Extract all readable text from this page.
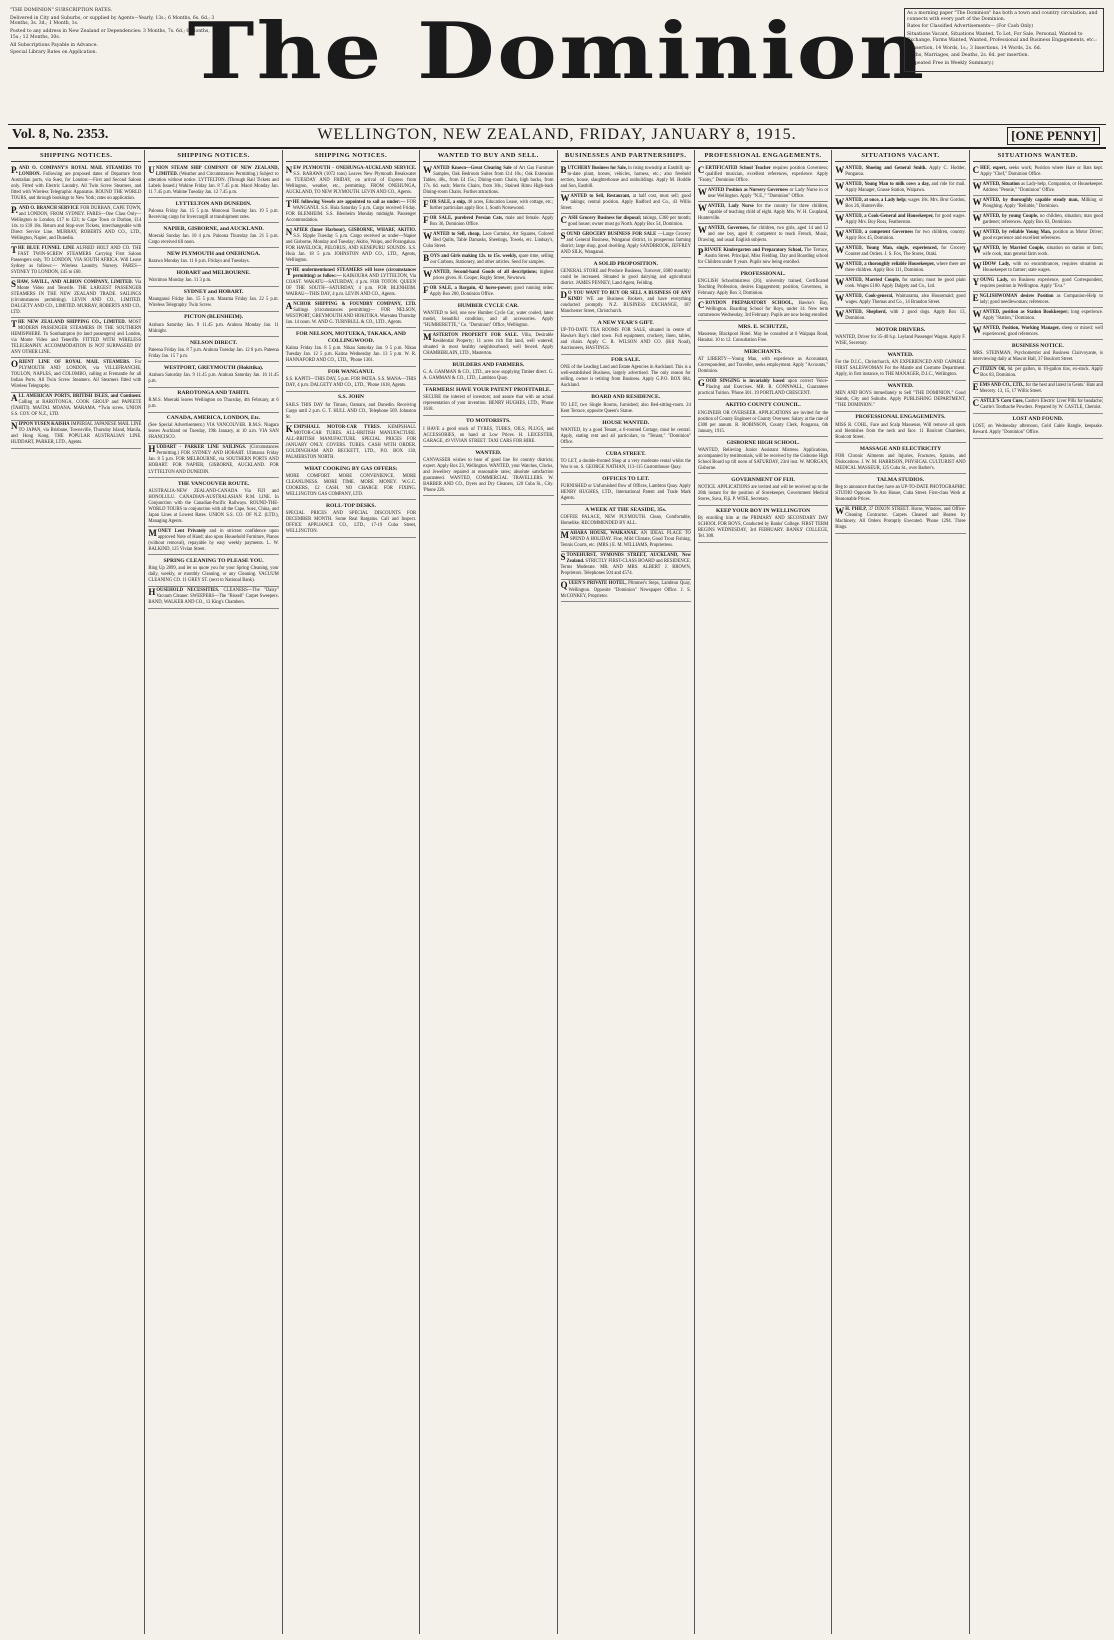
"THE DOMINION" SUBSCRIPTION RATES.

Delivered in City and Suburbs, or supplied by Agents—Yearly, 13s.; 6 Months, 6s. 6d.; 3 Months, 3s. 3d.; 1 Month, 1s.

Posted to any address in New Zealand or Dependencies: 3 Months, 7s. 6d.; 6 Months, 15s.; 12 Months, 30s.

All Subscriptions Payable in Advance.

Special Library Rates on Application.	The Dominion

As a morning paper "The Dominion" has both a town and country circulation, and connects with every part of the Dominion.

Rates for Classified Advertisements— (For Cash Only)

Situations Vacant, Situations Wanted, To Let, For Sale, Personal, Wanted to Exchange, Farms Wanted, Wanted, Professional and Business Engagements, etc.:

1 Insertion, 14 Words, 1s.; 3 Insertions, 14 Words, 2s. 6d.

Births, Marriages, and Deaths, 2s. 6d. per insertion.

(Repeated Free in Weekly Summary.)

Vol. 8, No. 2353.	WELLINGTON, NEW ZEALAND, FRIDAY, JANUARY 8, 1915.	[ONE PENNY]
SHIPPING NOTICES.
P. AND O. COMPANY'S ROYAL MAIL STEAMERS TO LONDON. Following are proposed dates of Departure from Australian ports, via Suez, for London:—First and Second Saloon only. Fitted with Electric Laundry. All Twin Screw Steamers, and fitted with Wireless Telegraphic Apparatus. ROUND THE WORLD TOURS, and through bookings to New York; rates on application.
P. AND O. BRANCH SERVICE FOR DURBAN, CAPE TOWN, and LONDON, FROM SYDNEY. FARES—One Class Only—Wellington to London, £17 to £23; to Cape Town or Durban, £14 14s. to £18 18s. Return and Stop-over Tickets, interchangeable with Direct Service Line. MURRAY, ROBERTS AND CO., LTD., Wellington, Napier, and Dunedin.
THE BLUE FUNNEL LINE ALFRED HOLT AND CO. THE FAST TWIN-SCREW STEAMERS Carrying First Saloon Passengers only, TO LONDON, VIA SOUTH AFRICA. Will Leave Sydney as follows:— Wireless Laundry. Nursery. FARES—SYDNEY TO LONDON, £45 to £60.
SHAW, SAVILL, AND ALBION COMPANY, LIMITED. Via Monte Video and Tenerife. THE LARGEST PASSENGER STEAMERS IN THE NEW ZEALAND TRADE. SAILINGS (circumstances permitting). LEVIN AND CO., LIMITED. DALGETY AND CO., LIMITED. MURRAY, ROBERTS AND CO., LTD.
THE NEW ZEALAND SHIPPING CO., LIMITED. MOST MODERN PASSENGER STEAMERS IN THE SOUTHERN HEMISPHERE. To Southampton (to land passengers) and London, via Monte Video and Teneriffe. FITTED WITH WIRELESS TELEGRAPHY. ACCOMMODATION IS NOT SURPASSED BY ANY OTHER LINE.
ORIENT LINE OF ROYAL MAIL STEAMERS. For PLYMOUTH AND LONDON, via VILLEFRANCHE, TOULON, NAPLES, and COLOMBO, calling at Fremantle for all Indian Ports. All Twin Screw Steamers. All Steamers fitted with Wireless Telegraphy.
ALL AMERICAN PORTS, BRITISH ISLES, and Continent. Calling at RAROTONGA, COOK GROUP and PAPEETE (TAHITI). MAITAI. MOANA. MARAMA. *Twin screw. UNION S.S. COY. OF N.Z., LTD.
NIPPON YUSEN KAISHA IMPERIAL JAPANESE MAIL LINE TO JAPAN, via Brisbane, Townsville, Thursday Island, Manila, and Hong Kong. THE POPULAR AUSTRALIAN LINE. HUDDART, PARKER, LTD., Agents.
SHIPPING NOTICES.
UNION STEAM SHIP COMPANY OF NEW ZEALAND, LIMITED. (Weather and Circumstances Permitting.) Subject to alteration without notice. LYTTELTON. (Through Rail Tickets and Labels Issued.) Wahine Friday Jan. 8 7.45 p.m. Maori Monday Jan. 11 7.45 p.m. Wahine Tuesday Jan. 12 7.45 p.m.
LYTTELTON AND DUNEDIN.
Paloona Friday Jan. 15 5 p.m. Monowai Tuesday Jan. 19 5 p.m. Receiving cargo for Invercargill at transhipment rates.
NAPIER, GISBORNE, and AUCKLAND.
Moeraki Sunday Jan. 10 4 p.m. Paloona Thursday Jan. 21 5 p.m. Cargo received till noon.
NEW PLYMOUTH and ONEHUNGA.
Rarawa Monday Jan. 11 6 p.m. Fridays and Tuesdays.
HOBART and MELBOURNE.
Warrimoo Monday Jan. 11 3 p.m.
SYDNEY and HOBART.
Maunganui Friday Jan. 15 5 p.m. Marama Friday Jan. 22 5 p.m. Wireless Telegraphy. Twin Screw.
PICTON (BLENHEIM).
Arahura Saturday Jan. 9 11.45 p.m. Arahura Monday Jan. 11 Midnight.
NELSON DIRECT.
Pateena Friday Jan. 8 7 p.m. Arahura Tuesday Jan. 12 8 p.m. Pateena Friday Jan. 15 7 p.m.
WESTPORT, GREYMOUTH (Hokitika).
Arahura Saturday Jan. 9 11.45 p.m. Arahura Saturday Jan. 16 11.45 p.m.
RAROTONGA AND TAHITI.
R.M.S. Moeraki leaves Wellington on Thursday, 4th February, at 6 p.m.
CANADA, AMERICA, LONDON, Etc.
(See Special Advertisement.) VIA VANCOUVER. R.M.S. Niagara leaves Auckland on Tuesday, 19th January, at 10 a.m. VIA SAN FRANCISCO.
HUDDART - PARKER LINE SAILINGS. (Circumstances Permitting.) FOR SYDNEY AND HOBART. Ulimaroa Friday Jan. 8 5 p.m. FOR MELBOURNE, via SOUTHERN PORTS AND HOBART. FOR NAPIER, GISBORNE, AUCKLAND. FOR LYTTELTON AND DUNEDIN.
THE VANCOUVER ROUTE.
AUSTRALIA-NEW ZEALAND-CANADA Via FIJI and HONOLULU. CANADIAN-AUSTRALASIAN R.M. LINE. In Conjunction with the Canadian-Pacific Railways. ROUND-THE-WORLD TOURS in conjunction with all the Cape, Suez, China, and Japan Lines at Lowest Rates. UNION S.S. CO. OF N.Z. (LTD.), Managing Agents.
MONEY Lent Privately and in strictest confidence upon approved Note of Hand; also upon Household Furniture, Pianos (without removal), repayable by easy weekly payments. L. W. BALKIND, 125 Vivian Street.
SPRING CLEANING TO PLEASE YOU.
Ring Up 2899, and let us quote you for your Spring Cleaning, your daily, weekly, or monthly Cleaning, or any Cleaning. VACUUM CLEANING CO. 11 GREY ST. (next to National Bank).
HOUSEHOLD NECESSITIES. CLEANERS—The "Daisy" Vacuum Cleaner. SWEEPERS—The "Bissell" Carpet Sweepers. BAND, WALKER AND CO., 13 King's Chambers.
SHIPPING NOTICES.
NEW PLYMOUTH - ONEHUNGA-AUCKLAND SERVICE. S.S. RARAWA (1072 tons) Leaves New Plymouth Breakwater on TUESDAY AND FRIDAY, on arrival of Express from Wellington, weather, etc., permitting. FROM ONEHUNGA, AUCKLAND, TO NEW PLYMOUTH. LEVIN AND CO., Agents.
THE following Vessels are appointed to sail as under:— FOR WANGANUI. S.S. Huia Saturday 5 p.m. Cargo received Friday. FOR BLENHEIM. S.S. Blenheim Monday midnight. Passenger Accommodation.
NAPIER (Inner Harbour), GISBORNE, WHARF, AKITIO. S.S. Ripple Tuesday 5 p.m. Cargo received as under—Napier and Gisborne, Monday and Tuesday; Akitio, Waipu, and Porangahau. FOR HAVELOCK, PELORUS, AND KENEPURU SOUNDS. S.S. Huia Jan. 18 5 p.m. JOHNSTON AND CO., LTD., Agents, Wellington.
THE undermentioned STEAMERS will leave (circumstances permitting) as follow:— KAIKOURA AND LYTTELTON, Via COAST. WAKATU—SATURDAY, 4 p.m. FOR TOTON. QUEEN OF THE SOUTH—SATURDAY, 4 p.m. FOR BLENHEIM. WAIRAU—THIS DAY, 4 p.m. LEVIN AND CO., Agents.
ANCHOR SHIPPING & FOUNDRY COMPANY, LTD. Sailings (circumstances permitting)— FOR NELSON, WESTPORT, GREYMOUTH AND HOKITIKA. Wareatea Thursday Jan. 14 noon. W. AND G. TURNBULL & CO., LTD., Agents.
FOR NELSON, MOTUEKA, TAKAKA, AND COLLINGWOOD.
Kaitoa Friday Jan. 8 5 p.m. Nikau Saturday Jan. 9 5 p.m. Nikau Tuesday Jan. 12 5 p.m. Kaitoa Wednesday Jan. 13 5 p.m. W. R. HANNAFORD AND CO., LTD., 'Phone 1361.
FOR WANGANUI.
S.S. KAPITI—THIS DAY, 5 p.m. FOR PATEA. S.S. MANA—THIS DAY, 4 p.m. DALGETY AND CO., LTD., 'Phone 1618, Agents.
S.S. JOHN
SAILS THIS DAY for Timaru, Oamaru, and Dunedin. Receiving Cargo until 2 p.m. G. T. HULL AND CO., Telephone 569. Johnston St.
KEMPSHALL MOTOR-CAR TYRES. KEMPSHALL MOTOR-CAR TUBES. ALL-BRITISH MANUFACTURE. ALL-BRITISH MANUFACTURE. SPECIAL PRICES FOR JANUARY ONLY. COVERS. TUBES. CASH WITH ORDER. GOLDINGHAM AND BECKETT, LTD., P.O. BOX 130, PALMERSTON NORTH.
WHAT COOKING BY GAS OFFERS:
MORE COMFORT. MORE CONVENIENCE. MORE CLEANLINESS. MORE TIME. MORE MONEY. W.G.C. COOKERS, £2 CASH. NO CHARGE FOR FIXING. WELLINGTON GAS COMPANY, LTD.
ROLL-TOP DESKS.
SPECIAL PRICES AND SPECIAL DISCOUNTS FOR DECEMBER MONTH. Some Real Bargains. Call and Inspect. OFFICE APPLIANCE CO., LTD., 17-19 Cuba Street, WELLINGTON.
WANTED TO BUY AND SELL.
WANTED Known—Great Clearing Sale of Art Gas Furniture Samples, Oak Bedroom Suites from £14 10s.; Oak Extension Tables, 40s., from £4 15s.; Dining-room Chairs, high backs, from 17s. 6d. each; Morris Chairs, from 30s.; Stained Rimu High-back Dining-room Chairs. Further attractions.
FOR SALE, a snip, 40 acres, Education Lease, with cottage, etc.; further particulars apply Box 1, South Norsewood.
FOR SALE, purebred Persian Cats, male and female. Apply Box 36, Dominion Office.
WANTED to Sell, cheap, Lace Curtains, Art Squares, Colored Bed Quilts, Table Damasks, Sheetings, Towels, etc. Lindsay's, Cuba Street.
BOYS and Girls making 12s. to 15s. weekly, spare time, selling our Carbons, Stationery, and other articles. Send for samples.
WANTED, Second-hand Goods of all descriptions; highest prices given. H. Cooper, Rugby Street, Newtown.
FOR SALE, a Bargain, 42 horse-power; good running order. Apply Box 200, Dominion Office.
HUMBER CYCLE CAR.
WANTED to Sell, one new Humber Cycle Car, water cooled, latest model, beautiful condition, and all accessories. Apply "HUMBERETTE," Co. "Dominion" Office, Wellington.
MASTERTON PROPERTY FOR SALE. Villa, Desirable Residential Property; 11 acres rich flat land, well watered; situated in most healthy neighbourhood; well fenced. Apply CHAMBERLAIN, LTD., Masterton.
BUILDERS AND FARMERS.
G. A. GAMMAN & CO., LTD., are now supplying Timber direct. G. A. GAMMAN & CO., LTD., Lambton Quay.
FARMERS! HAVE YOUR PATENT PROFITABLE.
SECURE the interest of investors; and assure that with an actual representation of your invention. HENRY HUGHES, LTD., 'Phone 1618.
TO MOTORISTS.
I HAVE a good stock of TYRES, TUBES, OILS, PLUGS, and ACCESSORIES, on hand at Low Prices. H. LEICESTER, GARAGE, 49 VIVIAN STREET. TAXI CARS FOR HIRE.
WANTED.
CANVASSER wishes to hear of good line for country districts; expert. Apply Box 23, Wellington. WANTED, your Watches, Clocks, and Jewellery repaired at reasonable rates; absolute satisfaction guaranteed. WANTED, COMMERCIAL TRAVELLERS. W. BARBER AND CO., Dyers and Dry Cleaners, 120 Cuba St., City. 'Phone 226.
BUSINESSES AND PARTNERSHIPS.
BUTCHERY Business for Sale, in rising township at Eastbill; up-to-date plant, horses, vehicles, harness, etc.; also freehold section, house, slaughterhouse and outbuildings. Apply M. Hoddle and Son, Eastbill.
WANTED to Sell, Restaurant, at half cost, must sell; good takings; central position. Apply Radford and Co., 43 Willis Street.
CASH Grocery Business for disposal; takings, £360 per month; good house; owner must go North. Apply Box 54, Dominion.
SOUND GROCERY BUSINESS FOR SALE —Large Grocery and General Business, Wanganui district, in prosperous farming district; large shop, good dwelling. Apply SANDBROOK, JEFFREY AND SILK, Wanganui.
A SOLID PROPOSITION.
GENERAL STORE and Produce Business, Turnover, £680 monthly; could be increased. Situated in good dairying and agricultural district. JAMES PENNEY, Land Agent, Feilding.
D O YOU WANT TO BUY OR SELL A BUSINESS OF ANY KIND? WE are Business Brokers, and have everything conducted promptly. N.Z. BUSINESS EXCHANGE, 187 Manchester Street, Christchurch.
A NEW YEAR'S GIFT.
UP-TO-DATE TEA ROOMS FOR SALE, situated in centre of Hawke's Bay's chief town. Full equipment, crockery, linen, tables, and chairs. Apply C. R. WILSON AND CO. (Bill Noad), Auctioneers, HASTINGS.
FOR SALE.
ONE of the Leading Land and Estate Agencies in Auckland. This is a well-established Business, largely advertised. The only reason for selling, owner is retiring from Business. Apply G.P.O. BOX 684, Auckland.
BOARD AND RESIDENCE.
TO LET, two Single Rooms, furnished; also Bed-sitting-room. 24 Kent Terrace, opposite Queen's Statue.
HOUSE WANTED.
WANTED, by a good Tenant, a 6-roomed Cottage, must be central. Apply, stating rent and all particulars, to "Tenant," "Dominion" Office.
CUBA STREET.
TO LET, a double-fronted Shop at a very moderate rental whilst the War is on. S. GEORGE NATHAN, 113-115 Customhouse Quay.
OFFICES TO LET.
FURNISHED or Unfurnished flow of Offices, Lambton Quay. Apply HENRY HUGHES, LTD., International Patent and Trade Mark Agents.
A WEEK AT THE SEASIDE, 35s.
COFFEE PALACE, NEW PLYMOUTH. Clean, Comfortable, Homelike. RECOMMENDED BY ALL.
MAHARA HOUSE, WAIKANAE. AN IDEAL PLACE TO SPEND A HOLIDAY. Fine, Mild Climate, Good Trout Fishing, Tennis Courts, etc. (MRS.) E. M. WILLIAMS, Proprietress.
STONEHURST, SYMONDS STREET, AUCKLAND, New Zealand. STRICTLY FIRST-CLASS BOARD and RESIDENCE. Terms Moderate. MR. AND MRS. ALBERT J. BROWN, Proprietors. Telephones 504 and 4574.
QUEEN'S PRIVATE HOTEL, Plimmer's Steps, Lambton Quay, Wellington. Opposite "Dominion" Newspaper Office. J. S. McCONKEY, Proprietor.
PROFESSIONAL ENGAGEMENTS.
CERTIFICATED School Teacher requires position Governess; qualified musician, excellent references, experience. Apply "Fanny," Dominion Office.
WANTED Position as Nursery Governess or Lady Nurse in or near Wellington. Apply "N.E.," "Dominion" Office.
WANTED, Lady Nurse for the country for three children, capable of teaching child of eight. Apply Mrs. W. H. Coupland, Hunterville.
WANTED, Governess, for children, two girls, aged 14 and 12 and one boy, aged 8; competent to teach French, Music, Drawing, and usual English subjects.
PRIVATE Kindergarten and Preparatory School, The Terrace, Austin Street. Principal, Miss Fielding. Day and Boarding school for Children under 9 years. Pupils now being enrolled.
PROFESSIONAL.
ENGLISH Schoolmistress (26), university trained, Certificated Teaching Profession, desires Engagement; position, Governess, in February. Apply Box 3, Dominion.
CROYDON PREPARATORY SCHOOL, Hawke's Bay, Wellington. Boarding School for Boys, under 14. New term commences Wednesday, 3rd February. Pupils are now being enrolled.
MRS. E. SCHUTZE,
Masseuse, Blackpool Hotel. May be consulted at 6 Waipapa Road, Hataitai. 10 to 12. Consultation Free.
MERCHANTS.
AT LIBERTY—Young Man, with experience as Accountant, Correspondent, and Traveller, seeks employment. Apply "Accounts," Dominion.
GOOD SINGING is invariably based upon correct Voice-Placing and Exercises. MR. R. CONNWALL, Guarantees practical Tuition. 'Phone 301. 19 PORTLAND CRESCENT.
AKITIO COUNTY COUNCIL.
ENGINEER OR OVERSEER. APPLICATIONS are invited for the position of County Engineer or County Overseer. Salary at the rate of £300 per annum. R. ROBINSON, County Clerk, Pongaroa, 6th January, 1915.
GISBORNE HIGH SCHOOL.
WANTED, Relieving Junior Assistant Mistress. Applications, accompanied by testimonials, will be received by the Gisborne High School Board up till noon of SATURDAY, 23rd inst. W. MORGAN, Gisborne.
GOVERNMENT OF FIJI.
NOTICE. APPLICATIONS are invited and will be received up to the 28th instant for the position of Storekeeper, Government Medical Stores, Suva, Fiji. P. WISE, Secretary.
KEEP YOUR BOY IN WELLINGTON
By enrolling him at the PRIMARY AND SECONDARY DAY SCHOOL FOR BOYS, Conducted by Banks' College. FIRST TERM BEGINS WEDNESDAY, 3rd FEBRUARY. BANKS' COLLEGE, Tel. 308.
SITUATIONS VACANT.
WANTED, Shoeing and General Smith. Apply C. Hodder, Pongaroa.
WANTED, Young Man to milk cows a day, and ride for mail. Apply Manager, Grasse Station, Waipawa.
WANTED, at once, a Lady help; wages 18s. Mrs. Bror Gordon, Box 26, Hunterville.
WANTED, a Cook-General and Housekeeper, for good wages. Apply Mrs. Boy Ross, Featherston.
WANTED, a competent Governess for two children, country. Apply Box 45, Dominion.
WANTED, Young Man, single, experienced, for Grocery Counter and Orders. J. S. Fox, The Stores, Otaki.
WANTED, a thoroughly reliable Housekeeper, where there are three children. Apply Box 111, Dominion.
WANTED, Married Couple, for station; must be good plain cook. Wages £100. Apply Dalgety and Co., Ltd.
WANTED, Cook-general, Waimarama, also Housemaid; good wages. Apply Thomas and Co., 14 Brandon Street.
WANTED, Shepherd, with 2 good dogs. Apply Box 13, Dominion.
MOTOR DRIVERS.
WANTED, Driver for 35-40 h.p. Leyland Passenger Wagon. Apply F. WISE, Secretary.
WANTED.
For the D.I.C., Christchurch, AN EXPERIENCED AND CAPABLE FIRST SALESWOMAN For the Mantle and Costume Department. Apply, in first instance, to THE MANAGER, D.I.C., Wellington.
WANTED.
MEN AND BOYS immediately to Sell "THE DOMINION." Good Stands, City and Suburbs. Apply PUBLISHING DEPARTMENT, "THE DOMINION."
PROFESSIONAL ENGAGEMENTS.
MISS R. COHL, Face and Scalp Masseuse, Will remove all spots and blemishes from the neck and face. 11 Boulcott Chambers, Boulcott Street.
MASSAGE AND ELECTRICITY
FOR Chronic Ailments and Injuries, Fractures, Sprains, and Dislocations. J. W. M. HARRISON, PHYSICAL CULTURIST AND MEDICAL MASSEUR, 125 Cuba St., over Barber's.
TALMA STUDIOS.
Beg to announce that they have an UP-TO-DATE PHOTOGRAPHIC STUDIO Opposite Te Aro House, Cuba Street. First-class Work at Reasonable Prices.
W H. PHILP, 37 DIXON STREET. Horse, Window, and Office-Cleaning Contractor. Carpets Cleaned and Beaten by Machinery. All Orders Promptly Executed. 'Phone 1294. Three Rings.
SITUATIONS WANTED.
CHEF, expert, seeks work; Position where Hare or Rats kept. Apply "Chef," Dominion Office.
WANTED, Situation as Lady-help, Companion, or Housekeeper. Address "Pennie," "Dominion" Office.
WANTED, by thoroughly capable steady man, Milking or Ploughing. Apply "Reliable," Dominion.
WANTED, by young Couple, no children, situation; man good gardener; references. Apply Box 63, Dominion.
WANTED, by reliable Young Man, position as Motor Driver; good experience and excellent references.
WANTED, by Married Couple, situation on station or farm; wife cook, man general farm work.
WIDOW Lady, with no encumbrances, requires situation as Housekeeper to farmer; state wages.
YOUNG Lady, on Business experience, good Correspondent, requires position in Wellington. Apply "Eva."
ENGLISHWOMAN desires Position as Companion-Help to lady; good needlewoman; references.
WANTED, position as Station Bookkeeper; long experience. Apply "Station," Dominion.
WANTED, Position, Working Manager, sheep or mixed; well experienced; good references.
BUSINESS NOTICE.
MRS. STEINMAN, Psychometrist and Business Clairvoyante, is interviewing daily at Mascot Hall, 37 Boulcott Street.
CITIZEN Oil, 6d. per gallon, in 10-gallon tins, ex-stock. Apply Box 83, Dominion.
EEMS AND CO., LTD., for the best and latest in Gents.' Hats and Mercery. 13, 15, 17 Willis Street.
CASTLE'S Corn Cure, Castle's Electric Liver Pills for headache; Castle's Toothache Powders. Prepared by W. CASTLE, Chemist.
LOST AND FOUND.
LOST, on Wednesday afternoon, Gold Cable Bangle, keepsake. Reward. Apply "Dominion" Office.
